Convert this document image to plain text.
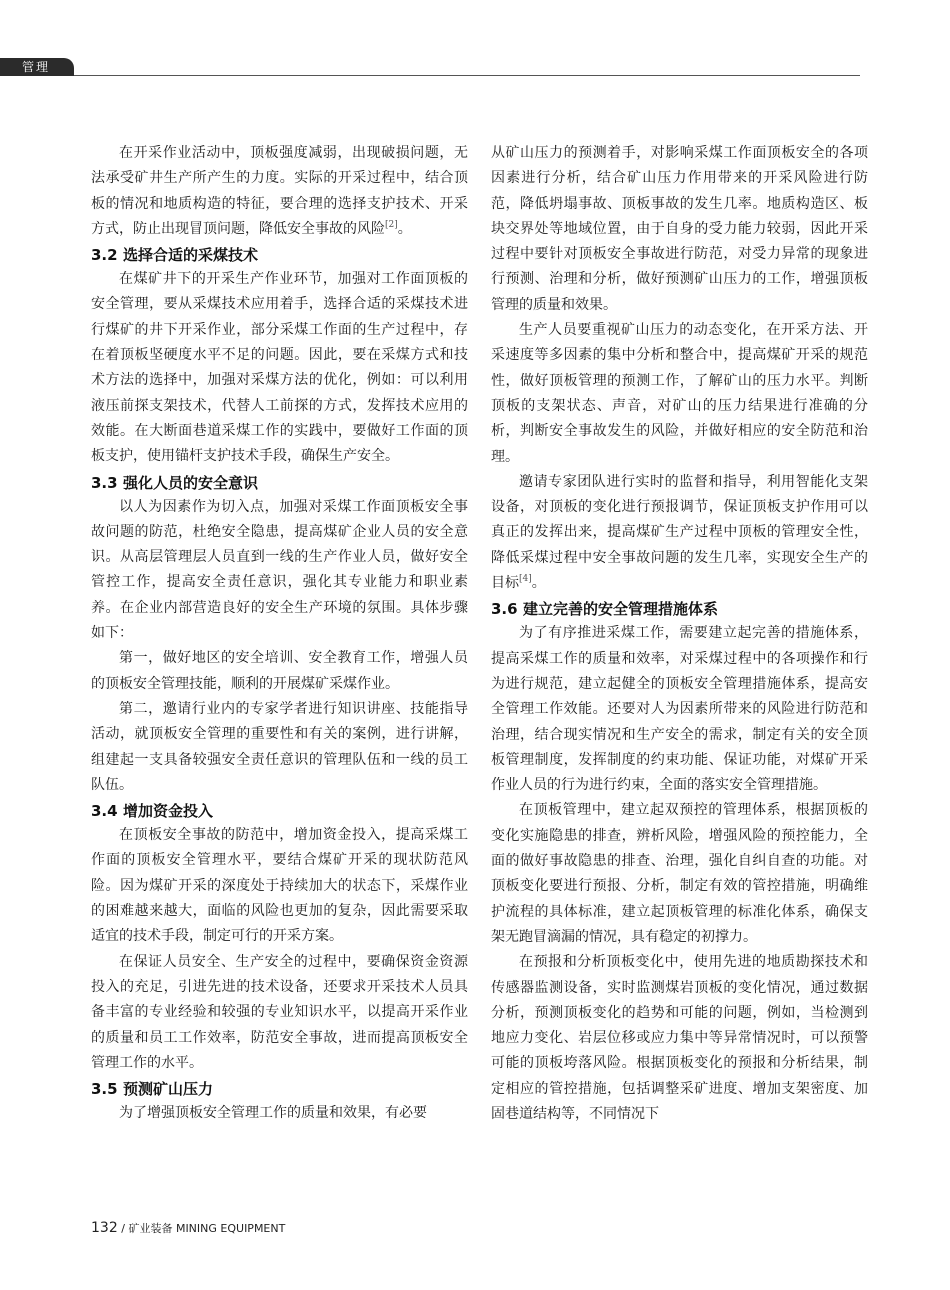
管理

在开采作业活动中，顶板强度减弱，出现破损问题，无法承受矿井生产所产生的力度。实际的开采过程中，结合顶板的情况和地质构造的特征，要合理的选择支护技术、开采方式，防止出现冒顶问题，降低安全事故的风险[2]。

3.2 选择合适的采煤技术

在煤矿井下的开采生产作业环节，加强对工作面顶板的安全管理，要从采煤技术应用着手，选择合适的采煤技术进行煤矿的井下开采作业，部分采煤工作面的生产过程中，存在着顶板坚硬度水平不足的问题。因此，要在采煤方式和技术方法的选择中，加强对采煤方法的优化，例如：可以利用液压前探支架技术，代替人工前探的方式，发挥技术应用的效能。在大断面巷道采煤工作的实践中，要做好工作面的顶板支护，使用锚杆支护技术手段，确保生产安全。

3.3 强化人员的安全意识

以人为因素作为切入点，加强对采煤工作面顶板安全事故问题的防范，杜绝安全隐患，提高煤矿企业人员的安全意识。从高层管理层人员直到一线的生产作业人员，做好安全管控工作，提高安全责任意识，强化其专业能力和职业素养。在企业内部营造良好的安全生产环境的氛围。具体步骤如下：

第一，做好地区的安全培训、安全教育工作，增强人员的顶板安全管理技能，顺利的开展煤矿采煤作业。

第二，邀请行业内的专家学者进行知识讲座、技能指导活动，就顶板安全管理的重要性和有关的案例，进行讲解，组建起一支具备较强安全责任意识的管理队伍和一线的员工队伍。

3.4 增加资金投入

在顶板安全事故的防范中，增加资金投入，提高采煤工作面的顶板安全管理水平，要结合煤矿开采的现状防范风险。因为煤矿开采的深度处于持续加大的状态下，采煤作业的困难越来越大，面临的风险也更加的复杂，因此需要采取适宜的技术手段，制定可行的开采方案。

在保证人员安全、生产安全的过程中，要确保资金资源投入的充足，引进先进的技术设备，还要求开采技术人员具备丰富的专业经验和较强的专业知识水平，以提高开采作业的质量和员工工作效率，防范安全事故，进而提高顶板安全管理工作的水平。

3.5 预测矿山压力

为了增强顶板安全管理工作的质量和效果，有必要

从矿山压力的预测着手，对影响采煤工作面顶板安全的各项因素进行分析，结合矿山压力作用带来的开采风险进行防范，降低坍塌事故、顶板事故的发生几率。地质构造区、板块交界处等地域位置，由于自身的受力能力较弱，因此开采过程中要针对顶板安全事故进行防范，对受力异常的现象进行预测、治理和分析，做好预测矿山压力的工作，增强顶板管理的质量和效果。

生产人员要重视矿山压力的动态变化，在开采方法、开采速度等多因素的集中分析和整合中，提高煤矿开采的规范性，做好顶板管理的预测工作，了解矿山的压力水平。判断顶板的支架状态、声音，对矿山的压力结果进行准确的分析，判断安全事故发生的风险，并做好相应的安全防范和治理。

邀请专家团队进行实时的监督和指导，利用智能化支架设备，对顶板的变化进行预报调节，保证顶板支护作用可以真正的发挥出来，提高煤矿生产过程中顶板的管理安全性，降低采煤过程中安全事故问题的发生几率，实现安全生产的目标[4]。

3.6 建立完善的安全管理措施体系

为了有序推进采煤工作，需要建立起完善的措施体系，提高采煤工作的质量和效率，对采煤过程中的各项操作和行为进行规范，建立起健全的顶板安全管理措施体系，提高安全管理工作效能。还要对人为因素所带来的风险进行防范和治理，结合现实情况和生产安全的需求，制定有关的安全顶板管理制度，发挥制度的约束功能、保证功能，对煤矿开采作业人员的行为进行约束，全面的落实安全管理措施。

在顶板管理中，建立起双预控的管理体系，根据顶板的变化实施隐患的排查，辨析风险，增强风险的预控能力，全面的做好事故隐患的排查、治理，强化自纠自查的功能。对顶板变化要进行预报、分析，制定有效的管控措施，明确维护流程的具体标准，建立起顶板管理的标准化体系，确保支架无跑冒滴漏的情况，具有稳定的初撑力。

在预报和分析顶板变化中，使用先进的地质勘探技术和传感器监测设备，实时监测煤岩顶板的变化情况，通过数据分析，预测顶板变化的趋势和可能的问题，例如，当检测到地应力变化、岩层位移或应力集中等异常情况时，可以预警可能的顶板垮落风险。根据顶板变化的预报和分析结果，制定相应的管控措施，包括调整采矿进度、增加支架密度、加固巷道结构等，不同情况下

132 / 矿业装备 MINING EQUIPMENT
